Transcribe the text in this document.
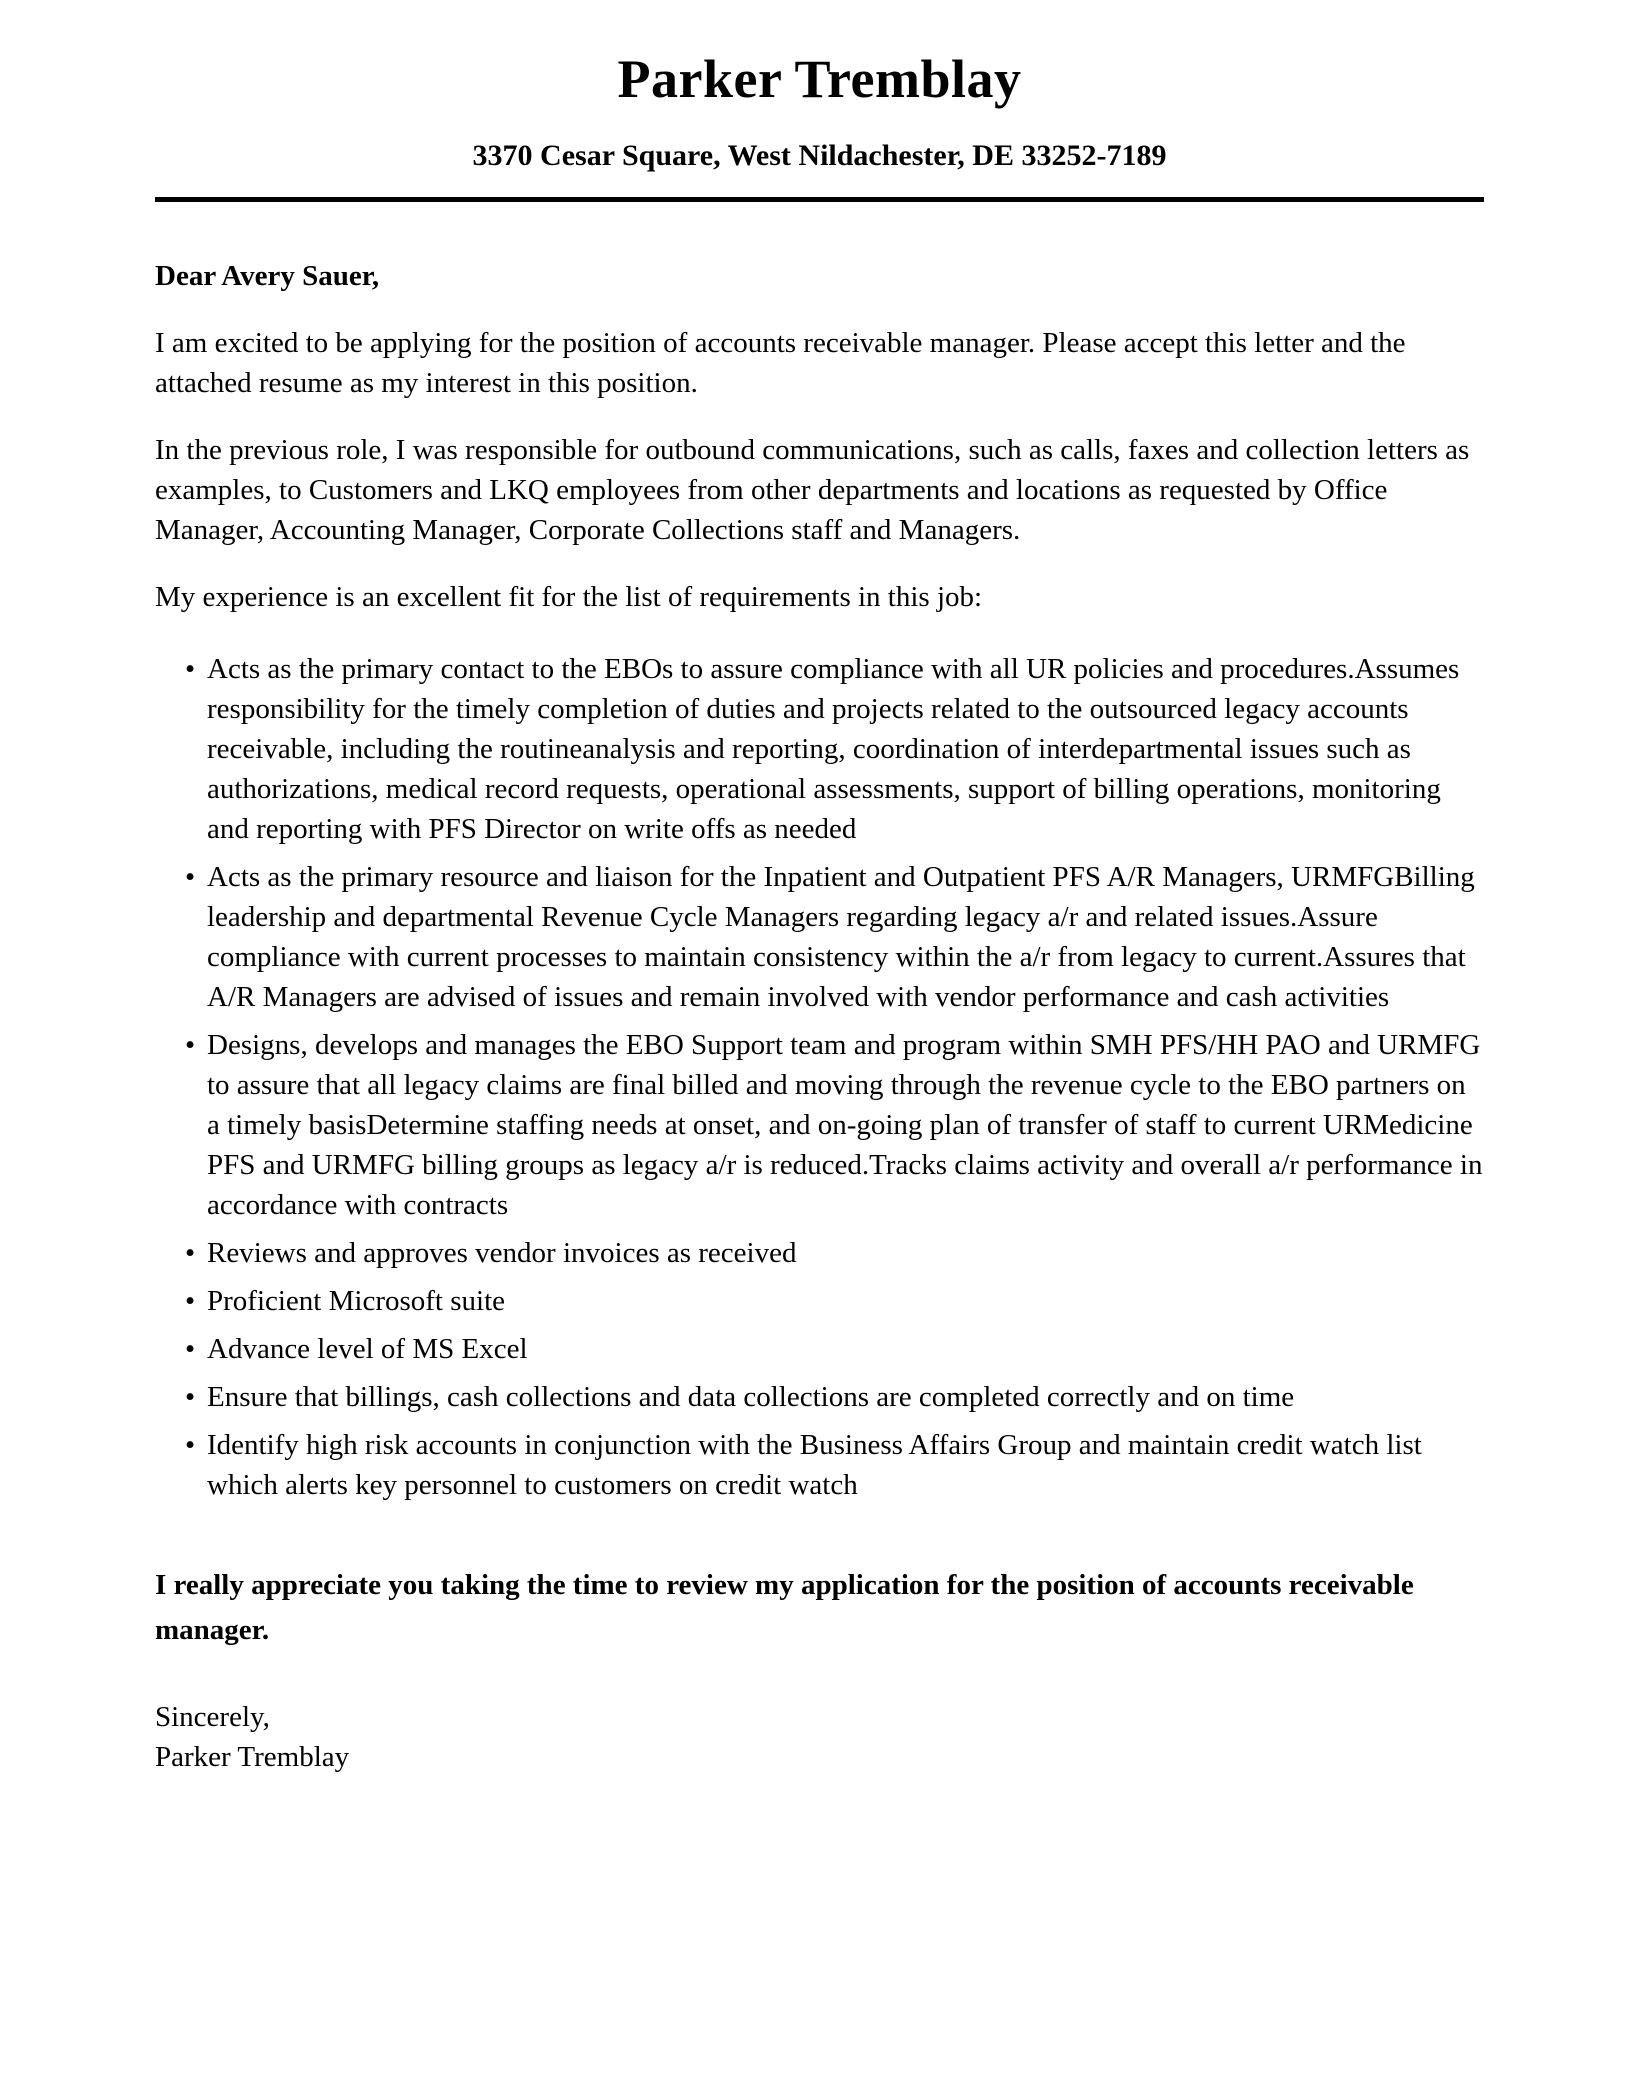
Parker Tremblay
3370 Cesar Square, West Nildachester, DE 33252-7189

Dear Avery Sauer,

I am excited to be applying for the position of accounts receivable manager. Please accept this letter and the attached resume as my interest in this position.

In the previous role, I was responsible for outbound communications, such as calls, faxes and collection letters as examples, to Customers and LKQ employees from other departments and locations as requested by Office Manager, Accounting Manager, Corporate Collections staff and Managers.

My experience is an excellent fit for the list of requirements in this job:

• Acts as the primary contact to the EBOs to assure compliance with all UR policies and procedures.Assumes responsibility for the timely completion of duties and projects related to the outsourced legacy accounts receivable, including the routineanalysis and reporting, coordination of interdepartmental issues such as authorizations, medical record requests, operational assessments, support of billing operations, monitoring and reporting with PFS Director on write offs as needed
• Acts as the primary resource and liaison for the Inpatient and Outpatient PFS A/R Managers, URMFGBilling leadership and departmental Revenue Cycle Managers regarding legacy a/r and related issues.Assure compliance with current processes to maintain consistency within the a/r from legacy to current.Assures that A/R Managers are advised of issues and remain involved with vendor performance and cash activities
• Designs, develops and manages the EBO Support team and program within SMH PFS/HH PAO and URMFG to assure that all legacy claims are final billed and moving through the revenue cycle to the EBO partners on a timely basisDetermine staffing needs at onset, and on-going plan of transfer of staff to current URMedicine PFS and URMFG billing groups as legacy a/r is reduced.Tracks claims activity and overall a/r performance in accordance with contracts
• Reviews and approves vendor invoices as received
• Proficient Microsoft suite
• Advance level of MS Excel
• Ensure that billings, cash collections and data collections are completed correctly and on time
• Identify high risk accounts in conjunction with the Business Affairs Group and maintain credit watch list which alerts key personnel to customers on credit watch

I really appreciate you taking the time to review my application for the position of accounts receivable manager.

Sincerely,

Parker Tremblay
